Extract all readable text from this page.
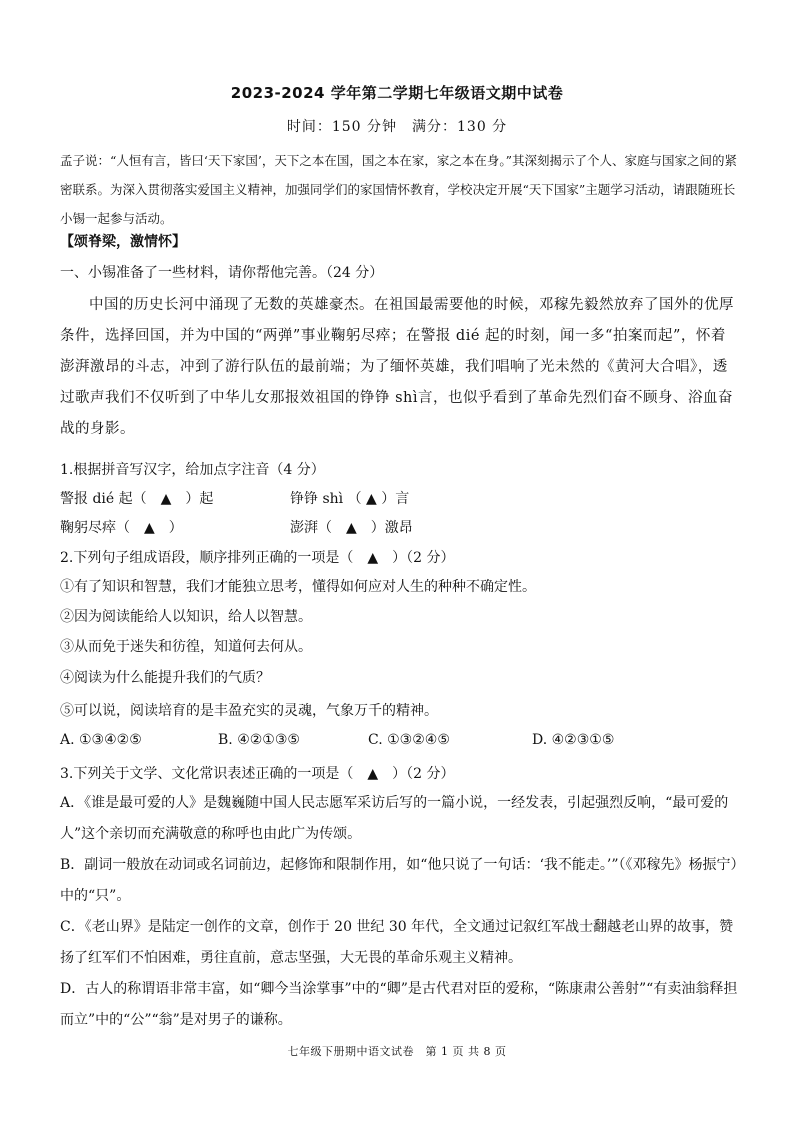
2023-2024 学年第二学期七年级语文期中试卷
时间：150 分钟　满分：130 分
孟子说：“人恒有言，皆曰‘天下家国’，天下之本在国，国之本在家，家之本在身。”其深刻揭示了个人、家庭与国家之间的紧密联系。为深入贯彻落实爱国主义精神，加强同学们的家国情怀教育，学校决定开展“天下国家”主题学习活动，请跟随班长小锡一起参与活动。
【颂脊梁，激情怀】
一、小锡准备了一些材料，请你帮他完善。（24 分）
中国的历史长河中涌现了无数的英雄豪杰。在祖国最需要他的时候，邓稼先毅然放弃了国外的优厚条件，选择回国，并为中国的“两弹”事业鞠躬尽瘁；在警报 dié 起的时刻，闻一多“拍案而起”，怀着澎湃激昂的斗志，冲到了游行队伍的最前端；为了缅怀英雄，我们唱响了光未然的《黄河大合唱》，透过歌声我们不仅听到了中华儿女那报效祖国的铮铮 shì言，也似乎看到了革命先烈们奋不顾身、浴血奋战的身影。
1.根据拼音写汉字，给加点字注音（4 分）
警报 dié 起（　▲　）起	铮铮 shì （ ▲ ）言
鞠躬尽瘁（　▲　）	澎湃（　▲　）激昂
2.下列句子组成语段，顺序排列正确的一项是（　▲　）（2 分）
①有了知识和智慧，我们才能独立思考，懂得如何应对人生的种种不确定性。
②因为阅读能给人以知识，给人以智慧。
③从而免于迷失和彷徨，知道何去何从。
④阅读为什么能提升我们的气质？
⑤可以说，阅读培育的是丰盈充实的灵魂，气象万千的精神。
A. ①③④②⑤	B. ④②①③⑤	C. ①③②④⑤	D. ④②③①⑤
3.下列关于文学、文化常识表述正确的一项是（　▲　）（2 分）
A．《谁是最可爱的人》是魏巍随中国人民志愿军采访后写的一篇小说，一经发表，引起强烈反响，“最可爱的人”这个亲切而充满敬意的称呼也由此广为传颂。
B．副词一般放在动词或名词前边，起修饰和限制作用，如“他只说了一句话：‘我不能走。’”（《邓稼先》杨振宁）中的“只”。
C．《老山界》是陆定一创作的文章，创作于 20 世纪 30 年代，全文通过记叙红军战士翻越老山界的故事，赞扬了红军们不怕困难，勇往直前，意志坚强，大无畏的革命乐观主义精神。
D．古人的称谓语非常丰富，如“卿今当涂掌事”中的“卿”是古代君对臣的爱称，“陈康肃公善射”“有卖油翁释担而立”中的“公”“翁”是对男子的谦称。
七年级下册期中语文试卷　第 1 页 共 8 页
